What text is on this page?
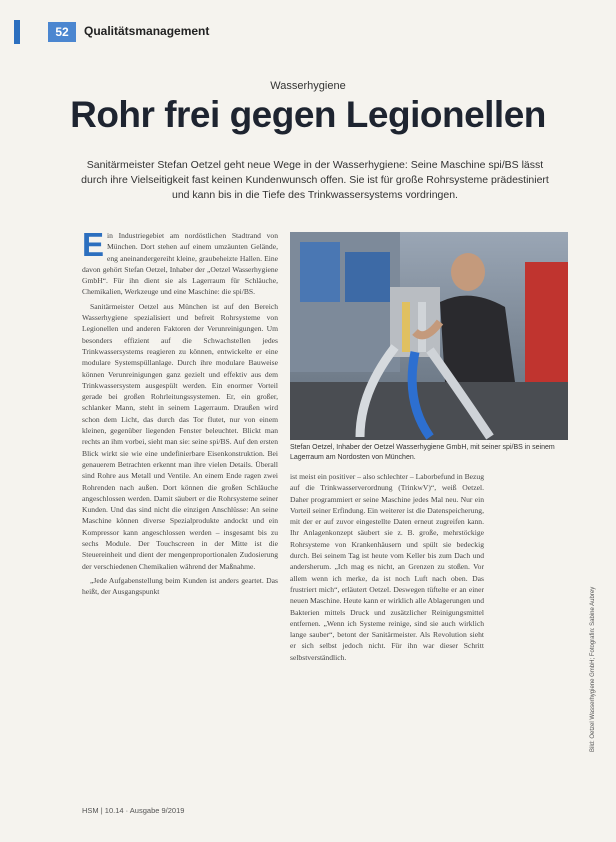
52	Qualitätsmanagement
Wasserhygiene
Rohr frei gegen Legionellen
Sanitärmeister Stefan Oetzel geht neue Wege in der Wasserhygiene: Seine Maschine spi/BS lässt durch ihre Vielseitigkeit fast keinen Kundenwunsch offen. Sie ist für große Rohrsysteme prädestiniert und kann bis in die Tiefe des Trinkwassersystems vordringen.

Ein Industriegebiet am nordöstlichen Stadtrand von München. Dort stehen auf einem umzäunten Gelände, eng aneinandergereiht kleine, graubeheizte Hallen. Eine davon gehört Stefan Oetzel, Inhaber der „Oetzel Wasserhygiene GmbH“. Für ihn dient sie als Lagerraum für Schläuche, Chemikalien, Werkzeuge und eine Maschine: die spi/BS.

Sanitärmeister Oetzel aus München ist auf den Bereich Wasserhygiene spezialisiert und befreit Rohrsysteme von Legionellen und anderen Faktoren der Verunreinigungen. Um besonders effizient auf die Schwachstellen jedes Trinkwassersystems reagieren zu können, entwickelte er eine modulare Systemspüllanlage. Durch ihre modulare Bauweise können Verunreinigungen ganz gezielt und effektiv aus dem Trinkwassersystem ausgespült werden. Ein enormer Vorteil gerade bei großen Rohrleitungssystemen. Er, ein großer, schlanker Mann, steht in seinem Lagerraum. Draußen wird schon dem Licht, das durch das Tor flutet, nur von einem kleinen, gegenüber liegenden Fenster beleuchtet. Blickt man rechts an ihm vorbei, sieht man sie: seine spi/BS. Auf den ersten Blick wirkt sie wie eine undefinierbare Eisenkonstruktion. Bei genauerem Betrachten erkennt man ihre vielen Details. Überall sind Rohre aus Metall und Ventile. An einem Ende ragen zwei Rohrenden nach außen. Dort können die großen Schläuche angeschlossen werden. Damit säubert er die Rohrsysteme seiner Kunden. Und das sind nicht die einzigen Anschlüsse: An seine Maschine können diverse Spezialprodukte andockt und ein Kompressor kann angeschlossen werden – insgesamt bis zu sechs Module. Der Touchscreen in der Mitte ist die Steuereinheit und dient der mengenproportionalen Zudosierung der verschiedenen Chemikalien während der Maßnahme.

„Jede Aufgabenstellung beim Kunden ist anders geartet. Das heißt, der Ausgangspunkt

Stefan Oetzel, Inhaber der Oetzel Wasserhygiene GmbH, mit seiner spi/BS in seinem Lagerraum am Nordosten von München.

ist meist ein positiver – also schlechter – Laborbefund in Bezug auf die Trinkwasserverordnung (TrinkwV)“, weiß Oetzel. Daher programmiert er seine Maschine jedes Mal neu. Nur ein Vorteil seiner Erfindung. Ein weiterer ist die Datenspeicherung, mit der er auf zuvor eingestellte Daten erneut zugreifen kann. Ihr Anlagenkonzept säubert sie z. B. große, mehrstöckige Rohrsysteme von Krankenhäusern und spült sie bedeckig durch. Bei seinem Tag ist heute vom Keller bis zum Dach und andersherum. „Ich mag es nicht, an Grenzen zu stoßen. Vor allem wenn ich merke, da ist noch Luft nach oben. Das frustriert mich“, erläutert Oetzel. Deswegen tüftelte er an einer neuen Maschine. Heute kann er wirklich alle Ablagerungen und Bakterien mittels Druck und zusätzlicher Reinigungsmittel entfernen. „Wenn ich Systeme reinige, sind sie auch wirklich lange sauber“, betont der Sanitärmeister. Als Revolution sieht er sich selbst jedoch nicht. Für ihn war dieser Schritt selbstverständlich.

HSM | 10.14 · Ausgabe 9/2019
Bild: Oetzel Wasserhygiene GmbH; Fotografin: Sabine Aubrey
